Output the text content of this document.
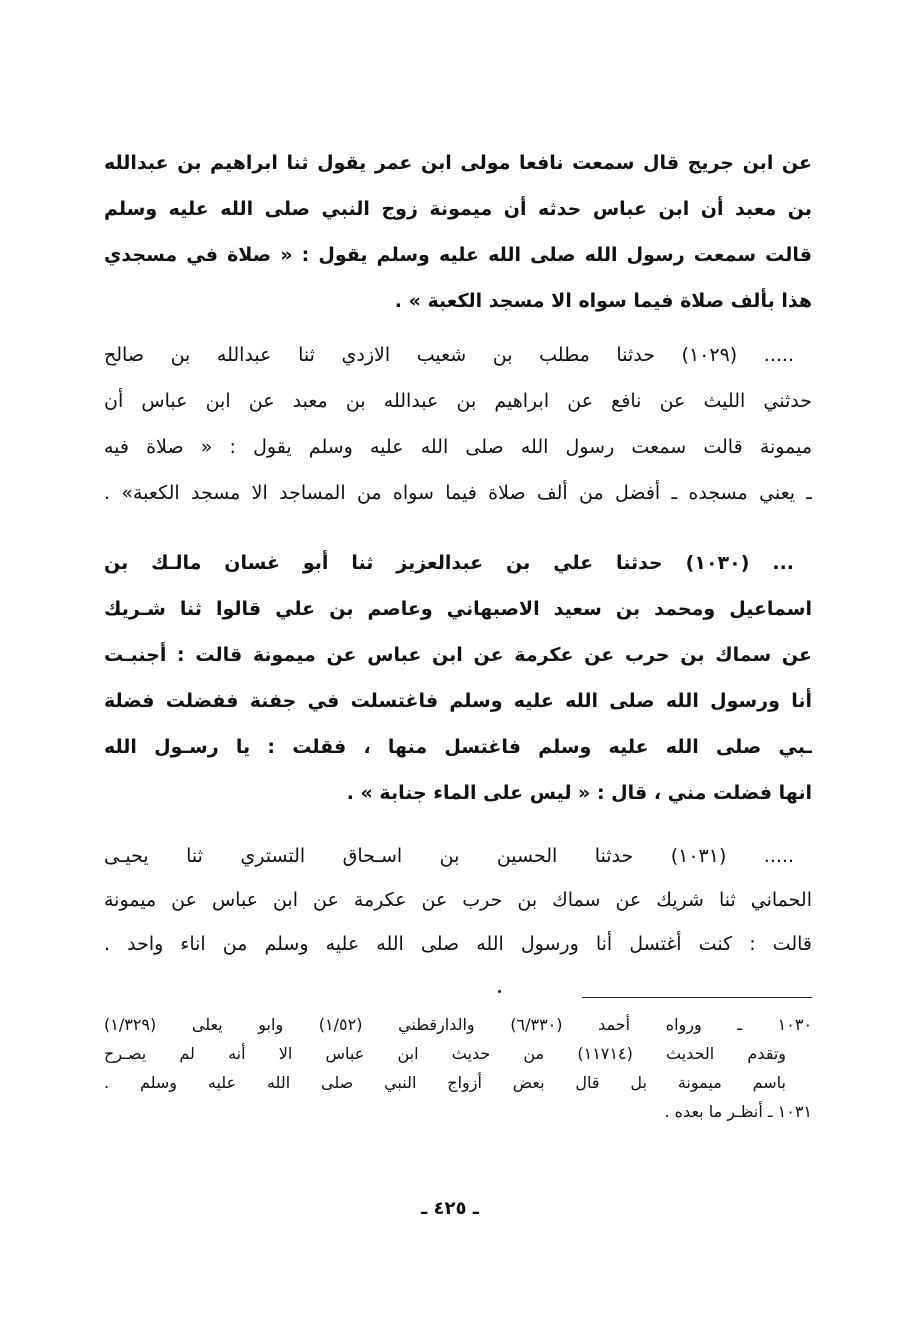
عن ابن جريج قال سمعت نافعا مولى ابن عمر يقول ثنا ابراهيم بن عبدالله
بن معبد أن ابن عباس حدثه أن ميمونة زوج النبي صلى الله عليه وسلم
قالت سمعت رسول الله صلى الله عليه وسلم يقول : « صلاة في مسجدي
هذا بألف صلاة فيما سواه الا مسجد الكعبة » .
..... (١٠٢٩) حدثنا مطلب بن شعيب الازدي ثنا عبدالله بن صالح
حدثني الليث عن نافع عن ابراهيم بن عبدالله بن معبد عن ابن عباس أن
ميمونة قالت سمعت رسول الله صلى الله عليه وسلم يقول : « صلاة فيه
ـ يعني مسجده ـ أفضل من ألف صلاة فيما سواه من المساجد الا مسجد الكعبة» .
... (١٠٣٠) حدثنا علي بن عبدالعزيز ثنا أبو غسان مالـك بن
اسماعيل ومحمد بن سعيد الاصبهاني وعاصم بن علي قالوا ثنا شـريك
عن سماك بن حرب عن عكرمة عن ابن عباس عن ميمونة قالت : أجنبـت
أنا ورسول الله صلى الله عليه وسلم فاغتسلت في جفنة ففضلت فضلة
ـبي صلى الله عليه وسلم فاغتسل منها ، فقلت : يا رسـول الله
انها فضلت مني ، قال : « ليس على الماء جنابة » .
..... (١٠٣١) حدثنا الحسين بن اسـحاق التستري ثنا يحيـى
الحماني ثنا شريك عن سماك بن حرب عن عكرمة عن ابن عباس عن ميمونة
قالت : كنت أغتسل أنا ورسول الله صلى الله عليه وسلم من اناء واحد .
١٠٣٠ ـ ورواه أحمد (٦/٣٣٠) والدارقطني (١/٥٢) وابو يعلى (١/٣٢٩)
وتقدم الحديث (١١٧١٤) من حديث ابن عباس الا أنه لم يصـرح
باسم ميمونة بل قال بعض أزواج النبي صلى الله عليه وسلم .
١٠٣١ ـ أنظـر ما بعده .
ـ ٤٢٥ ـ
